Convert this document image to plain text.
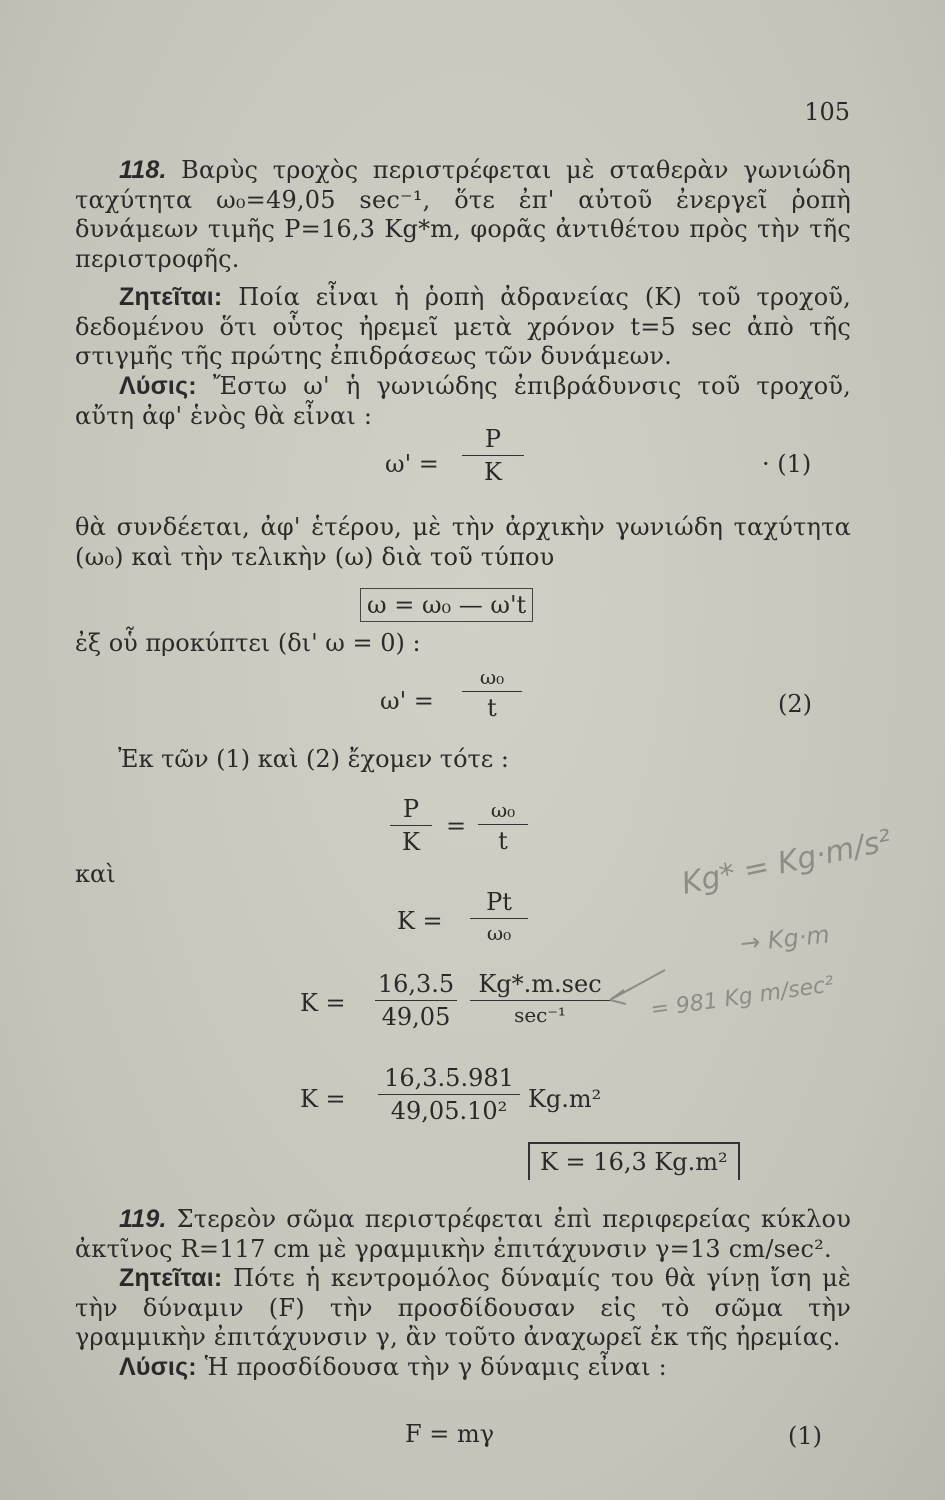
105
118. Βαρὺς τροχὸς περιστρέφεται μὲ σταθερὰν γωνιώδη ταχύτητα ω₀=49,05 sec⁻¹, ὅτε ἐπ' αὐτοῦ ἐνεργεῖ ῥοπὴ δυνάμεων τιμῆς P=16,3 Kg*m, φορᾶς ἀντιθέτου πρὸς τὴν τῆς περιστροφῆς.
Ζητεῖται: Ποία εἶναι ἡ ῥοπὴ ἀδρανείας (K) τοῦ τροχοῦ, δεδομένου ὅτι οὗτος ἠρεμεῖ μετὰ χρόνον t=5 sec ἀπὸ τῆς στιγμῆς τῆς πρώτης ἐπιδράσεως τῶν δυνάμεων.
Λύσις: Ἔστω ω' ἡ γωνιώδης ἐπιβράδυνσις τοῦ τροχοῦ, αὔτη ἀφ' ἑνὸς θὰ εἶναι :
$\omega' = \frac{P}{K}$	· (1)
θὰ συνδέεται, ἀφ' ἑτέρου, μὲ τὴν ἀρχικὴν γωνιώδη ταχύτητα (ω₀) καὶ τὴν τελικὴν (ω) διὰ τοῦ τύπου
ω = ω₀ — ω't
ἐξ οὗ προκύπτει (δι' ω = 0) :
ω' =
ω₀
t	(2)
Ἐκ τῶν (1) καὶ (2) ἔχομεν τότε :
$\frac{P}{K}$ =
ω₀
t
καὶ
K =
Pt
ω₀
$K = \frac{16,3.5}{49,05} Kg*.m.\sec$
sec⁻¹
$K = \frac{16,3.5.981}{\text{49,05.10²}} Kg.m^2$
K = 16,3 Kg.m²
119. Στερεὸν σῶμα περιστρέφεται ἐπὶ περιφερείας κύκλου ἀκτῖνος R=117 cm μὲ γραμμικὴν ἐπιτάχυνσιν γ=13 cm/sec².
Ζητεῖται: Πότε ἡ κεντρομόλος δύναμίς του θὰ γίνῃ ἴση μὲ τὴν δύναμιν (F) τὴν προσδίδουσαν εἰς τὸ σῶμα τὴν γραμμικὴν ἐπιτάχυνσιν γ, ἂν τοῦτο ἀναχωρεῖ ἐκ τῆς ἠρεμίας.
Λύσις: Ἡ προσδίδουσα τὴν γ δύναμις εἶναι :
F = mγ	(1)
Kg* = Kg·m/s²
→ Kg·m
= 981 Kg m/sec²
